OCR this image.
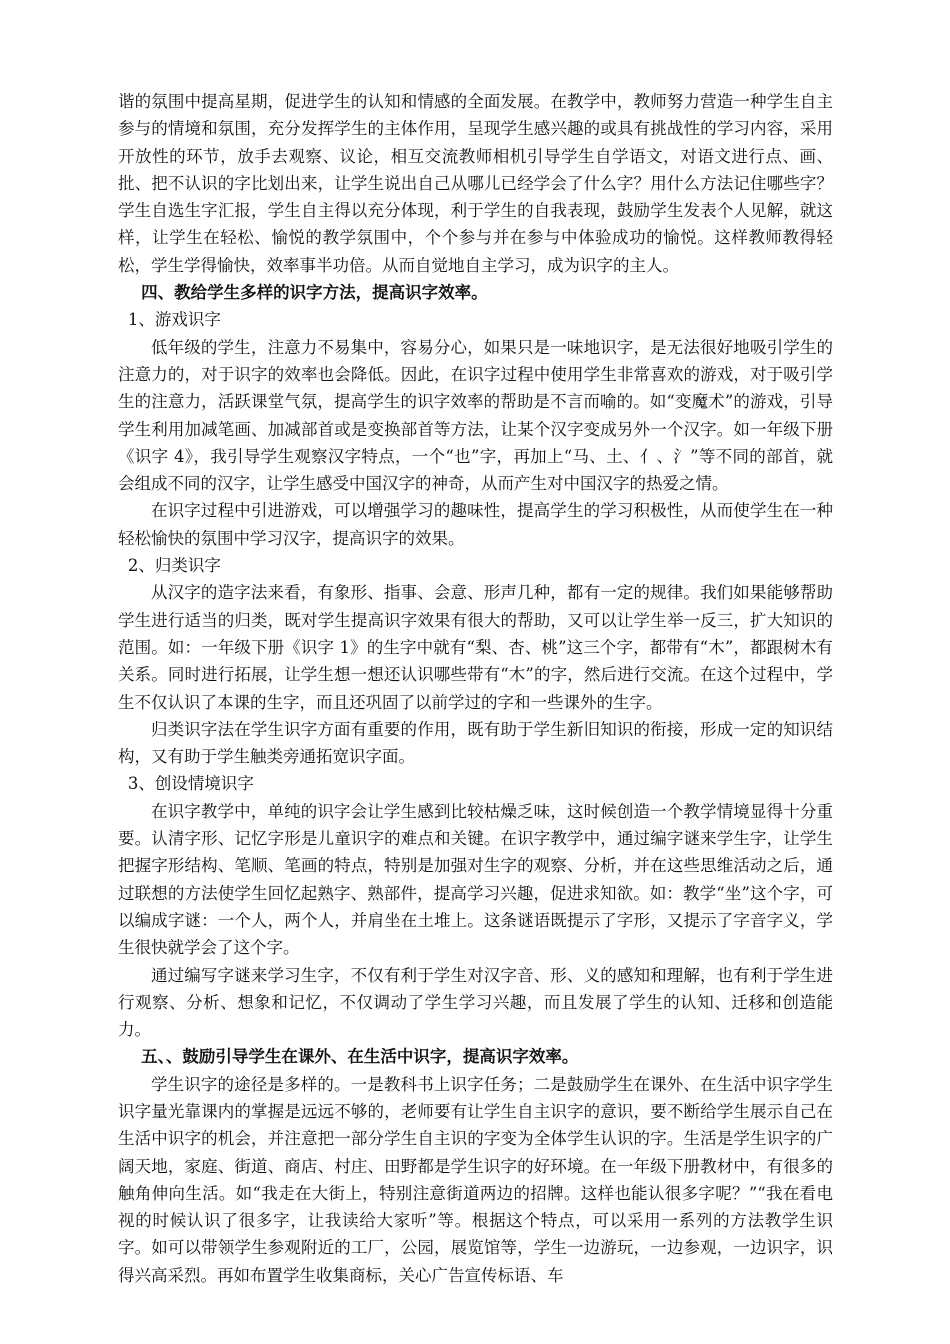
谐的氛围中提高星期，促进学生的认知和情感的全面发展。在教学中，教师努力营造一种学生自主参与的情境和氛围，充分发挥学生的主体作用，呈现学生感兴趣的或具有挑战性的学习内容，采用开放性的环节，放手去观察、议论，相互交流教师相机引导学生自学语文，对语文进行点、画、批、把不认识的字比划出来，让学生说出自己从哪儿已经学会了什么字？用什么方法记住哪些字？学生自选生字汇报，学生自主得以充分体现，利于学生的自我表现，鼓励学生发表个人见解，就这样，让学生在轻松、愉悦的教学氛围中，个个参与并在参与中体验成功的愉悦。这样教师教得轻松，学生学得愉快，效率事半功倍。从而自觉地自主学习，成为识字的主人。

四、教给学生多样的识字方法，提高识字效率。

1、游戏识字

低年级的学生，注意力不易集中，容易分心，如果只是一味地识字，是无法很好地吸引学生的注意力的，对于识字的效率也会降低。因此，在识字过程中使用学生非常喜欢的游戏，对于吸引学生的注意力，活跃课堂气氛，提高学生的识字效率的帮助是不言而喻的。如“变魔术”的游戏，引导学生利用加减笔画、加减部首或是变换部首等方法，让某个汉字变成另外一个汉字。如一年级下册《识字 4》，我引导学生观察汉字特点，一个“也”字，再加上“马、土、亻、氵”等不同的部首，就会组成不同的汉字，让学生感受中国汉字的神奇，从而产生对中国汉字的热爱之情。

在识字过程中引进游戏，可以增强学习的趣味性，提高学生的学习积极性，从而使学生在一种轻松愉快的氛围中学习汉字，提高识字的效果。

2、归类识字

从汉字的造字法来看，有象形、指事、会意、形声几种，都有一定的规律。我们如果能够帮助学生进行适当的归类，既对学生提高识字效果有很大的帮助，又可以让学生举一反三，扩大知识的范围。如：一年级下册《识字 1》的生字中就有“梨、杏、桃”这三个字，都带有“木”，都跟树木有关系。同时进行拓展，让学生想一想还认识哪些带有“木”的字，然后进行交流。在这个过程中，学生不仅认识了本课的生字，而且还巩固了以前学过的字和一些课外的生字。

归类识字法在学生识字方面有重要的作用，既有助于学生新旧知识的衔接，形成一定的知识结构，又有助于学生触类旁通拓宽识字面。

3、创设情境识字

在识字教学中，单纯的识字会让学生感到比较枯燥乏味，这时候创造一个教学情境显得十分重要。认清字形、记忆字形是儿童识字的难点和关键。在识字教学中，通过编字谜来学生字，让学生把握字形结构、笔顺、笔画的特点，特别是加强对生字的观察、分析，并在这些思维活动之后，通过联想的方法使学生回忆起熟字、熟部件，提高学习兴趣，促进求知欲。如：教学“坐”这个字，可以编成字谜：一个人，两个人，并肩坐在土堆上。这条谜语既提示了字形，又提示了字音字义，学生很快就学会了这个字。

通过编写字谜来学习生字，不仅有利于学生对汉字音、形、义的感知和理解，也有利于学生进行观察、分析、想象和记忆，不仅调动了学生学习兴趣，而且发展了学生的认知、迁移和创造能力。

五、、鼓励引导学生在课外、在生活中识字，提高识字效率。

学生识字的途径是多样的。一是教科书上识字任务；二是鼓励学生在课外、在生活中识字学生识字量光靠课内的掌握是远远不够的，老师要有让学生自主识字的意识，要不断给学生展示自己在生活中识字的机会，并注意把一部分学生自主识的字变为全体学生认识的字。生活是学生识字的广阔天地，家庭、街道、商店、村庄、田野都是学生识字的好环境。在一年级下册教材中，有很多的触角伸向生活。如“我走在大街上，特别注意街道两边的招牌。这样也能认很多字呢？”“我在看电视的时候认识了很多字，让我读给大家听”等。根据这个特点，可以采用一系列的方法教学生识字。如可以带领学生参观附近的工厂，公园，展览馆等，学生一边游玩，一边参观，一边识字，识得兴高采烈。再如布置学生收集商标，关心广告宣传标语、车
